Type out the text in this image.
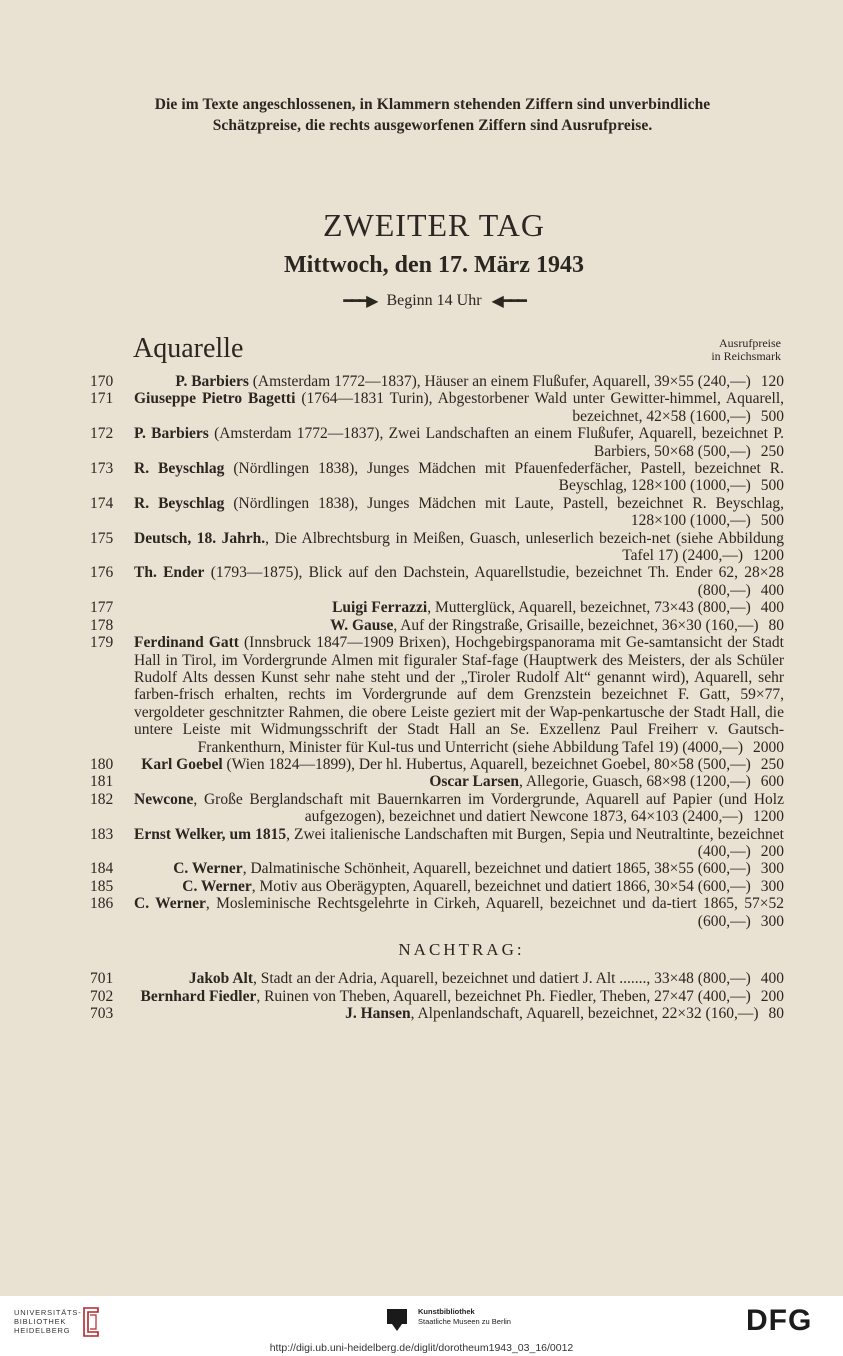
Die im Texte angeschlossenen, in Klammern stehenden Ziffern sind unverbindliche
Schätzpreise, die rechts ausgeworfenen Ziffern sind Ausrufpreise.
ZWEITER TAG
Mittwoch, den 17. März 1943
━━━▶ Beginn 14 Uhr ◀━━━
Aquarelle	Ausrufpreise
in Reichsmark
170	P. Barbiers (Amsterdam 1772—1837), Häuser an einem Flußufer, Aquarell, 39×55 (240,—) 120
171	Giuseppe Pietro Bagetti (1764—1831 Turin), Abgestorbener Wald unter Gewitter-himmel, Aquarell, bezeichnet, 42×58 (1600,—) 500
172	P. Barbiers (Amsterdam 1772—1837), Zwei Landschaften an einem Flußufer, Aquarell, bezeichnet P. Barbiers, 50×68 (500,—) 250
173	R. Beyschlag (Nördlingen 1838), Junges Mädchen mit Pfauenfederfächer, Pastell, bezeichnet R. Beyschlag, 128×100 (1000,—) 500
174	R. Beyschlag (Nördlingen 1838), Junges Mädchen mit Laute, Pastell, bezeichnet R. Beyschlag, 128×100 (1000,—) 500
175	Deutsch, 18. Jahrh., Die Albrechtsburg in Meißen, Guasch, unleserlich bezeich-net (siehe Abbildung Tafel 17) (2400,—) 1200
176	Th. Ender (1793—1875), Blick auf den Dachstein, Aquarellstudie, bezeichnet Th. Ender 62, 28×28 (800,—) 400
177	Luigi Ferrazzi, Mutterglück, Aquarell, bezeichnet, 73×43 (800,—) 400
178	W. Gause, Auf der Ringstraße, Grisaille, bezeichnet, 36×30 (160,—) 80
179	Ferdinand Gatt (Innsbruck 1847—1909 Brixen), Hochgebirgspanorama mit Ge-samtansicht der Stadt Hall in Tirol, im Vordergrunde Almen mit figuraler Staf-fage (Hauptwerk des Meisters, der als Schüler Rudolf Alts dessen Kunst sehr nahe steht und der „Tiroler Rudolf Alt“ genannt wird), Aquarell, sehr farben-frisch erhalten, rechts im Vordergrunde auf dem Grenzstein bezeichnet F. Gatt, 59×77, vergoldeter geschnitzter Rahmen, die obere Leiste geziert mit der Wap-penkartusche der Stadt Hall, die untere Leiste mit Widmungsschrift der Stadt Hall an Se. Exzellenz Paul Freiherr v. Gautsch-Frankenthurn, Minister für Kul-tus und Unterricht (siehe Abbildung Tafel 19) (4000,—) 2000
180	Karl Goebel (Wien 1824—1899), Der hl. Hubertus, Aquarell, bezeichnet Goebel, 80×58 (500,—) 250
181	Oscar Larsen, Allegorie, Guasch, 68×98 (1200,—) 600
182	Newcone, Große Berglandschaft mit Bauernkarren im Vordergrunde, Aquarell auf Papier (und Holz aufgezogen), bezeichnet und datiert Newcone 1873, 64×103 (2400,—) 1200
183	Ernst Welker, um 1815, Zwei italienische Landschaften mit Burgen, Sepia und Neutraltinte, bezeichnet (400,—) 200
184	C. Werner, Dalmatinische Schönheit, Aquarell, bezeichnet und datiert 1865, 38×55 (600,—) 300
185	C. Werner, Motiv aus Oberägypten, Aquarell, bezeichnet und datiert 1866, 30×54 (600,—) 300
186	C. Werner, Mosleminische Rechtsgelehrte in Cirkeh, Aquarell, bezeichnet und da-tiert 1865, 57×52 (600,—) 300
NACHTRAG:
701	Jakob Alt, Stadt an der Adria, Aquarell, bezeichnet und datiert J. Alt ......., 33×48 (800,—) 400
702	Bernhard Fiedler, Ruinen von Theben, Aquarell, bezeichnet Ph. Fiedler, Theben, 27×47 (400,—) 200
703	J. Hansen, Alpenlandschaft, Aquarell, bezeichnet, 22×32 (160,—) 80
UNIVERSITÄTS-
BIBLIOTHEK
HEIDELBERG
Kunstbibliothek
Staatliche Museen zu Berlin	DFG
http://digi.ub.uni-heidelberg.de/diglit/dorotheum1943_03_16/0012
